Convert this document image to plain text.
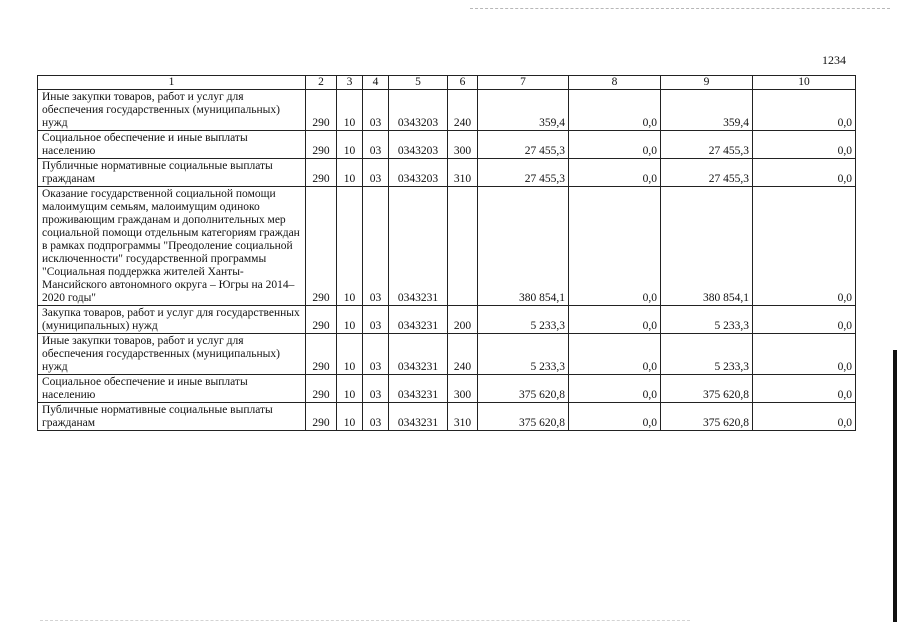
1234
1	2	3	4	5	6	7	8	9	10
Иные закупки товаров, работ и услуг для обеспечения государственных (муниципальных) нужд	290	10	03	0343203	240	359,4	0,0	359,4	0,0
Социальное обеспечение и иные выплаты населению	290	10	03	0343203	300	27 455,3	0,0	27 455,3	0,0
Публичные нормативные социальные выплаты гражданам	290	10	03	0343203	310	27 455,3	0,0	27 455,3	0,0
Оказание государственной социальной помощи малоимущим семьям, малоимущим одиноко проживающим гражданам и дополнительных мер социальной помощи отдельным категориям граждан в рамках подпрограммы "Преодоление социальной исключенности" государственной программы "Социальная поддержка жителей Ханты-Мансийского автономного округа – Югры на 2014–2020 годы"	290	10	03	0343231		380 854,1	0,0	380 854,1	0,0
Закупка товаров, работ и услуг для государственных (муниципальных) нужд	290	10	03	0343231	200	5 233,3	0,0	5 233,3	0,0
Иные закупки товаров, работ и услуг для обеспечения государственных (муниципальных) нужд	290	10	03	0343231	240	5 233,3	0,0	5 233,3	0,0
Социальное обеспечение и иные выплаты населению	290	10	03	0343231	300	375 620,8	0,0	375 620,8	0,0
Публичные нормативные социальные выплаты гражданам	290	10	03	0343231	310	375 620,8	0,0	375 620,8	0,0
